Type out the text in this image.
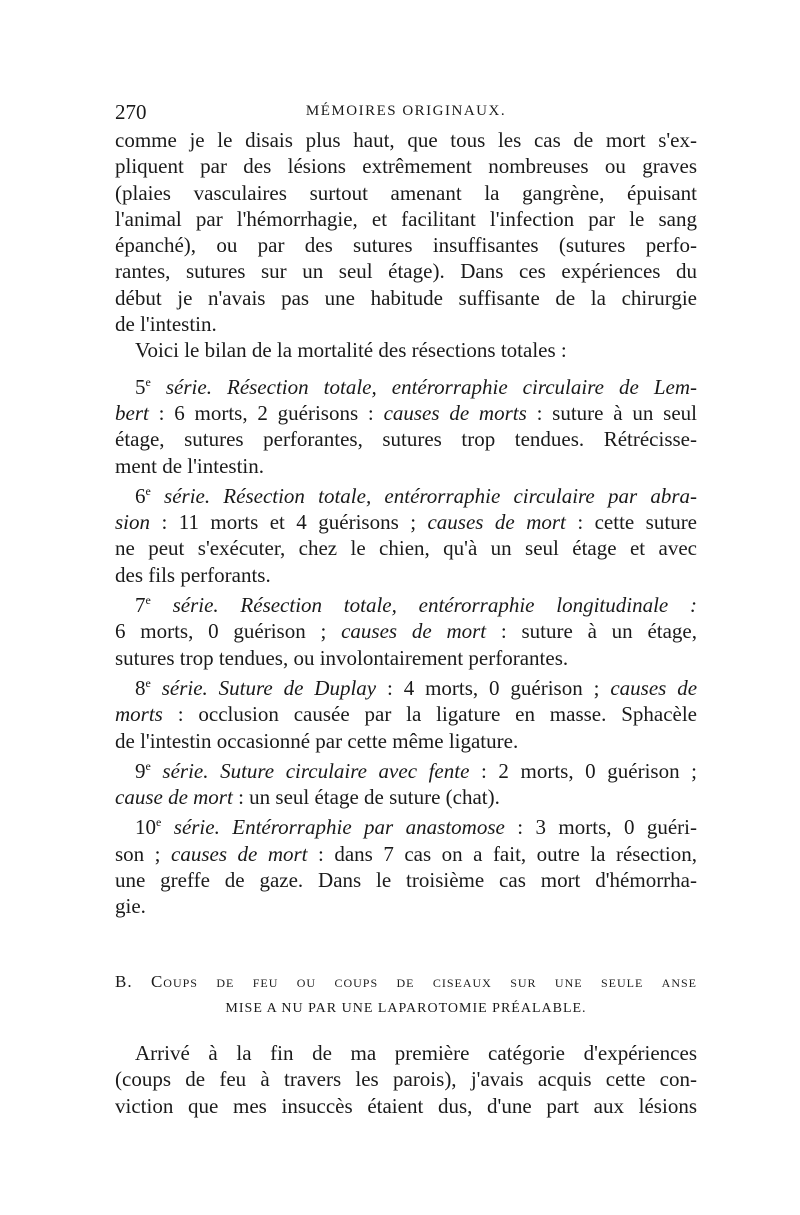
270	MÉMOIRES ORIGINAUX.
comme je le disais plus haut, que tous les cas de mort s'ex-
pliquent par des lésions extrêmement nombreuses ou graves
(plaies vasculaires surtout amenant la gangrène, épuisant
l'animal par l'hémorrhagie, et facilitant l'infection par le sang
épanché), ou par des sutures insuffisantes (sutures perfo-
rantes, sutures sur un seul étage). Dans ces expériences du
début je n'avais pas une habitude suffisante de la chirurgie
de l'intestin.
Voici le bilan de la mortalité des résections totales :
5e série. Résection totale, entérorraphie circulaire de Lem-
bert : 6 morts, 2 guérisons : causes de morts : suture à un seul
étage, sutures perforantes, sutures trop tendues. Rétrécisse-
ment de l'intestin.
6e série. Résection totale, entérorraphie circulaire par abra-
sion : 11 morts et 4 guérisons ; causes de mort : cette suture
ne peut s'exécuter, chez le chien, qu'à un seul étage et avec
des fils perforants.
7e série. Résection totale, entérorraphie longitudinale :
6 morts, 0 guérison ; causes de mort : suture à un étage,
sutures trop tendues, ou involontairement perforantes.
8e série. Suture de Duplay : 4 morts, 0 guérison ; causes de
morts : occlusion causée par la ligature en masse. Sphacèle
de l'intestin occasionné par cette même ligature.
9e série. Suture circulaire avec fente : 2 morts, 0 guérison ;
cause de mort : un seul étage de suture (chat).
10e série. Entérorraphie par anastomose : 3 morts, 0 guéri-
son ; causes de mort : dans 7 cas on a fait, outre la résection,
une greffe de gaze. Dans le troisième cas mort d'hémorrha-
gie.
B. Coups de feu ou coups de ciseaux sur une seule anse
MISE A NU PAR UNE LAPAROTOMIE PRÉALABLE.
Arrivé à la fin de ma première catégorie d'expériences
(coups de feu à travers les parois), j'avais acquis cette con-
viction que mes insuccès étaient dus, d'une part aux lésions
